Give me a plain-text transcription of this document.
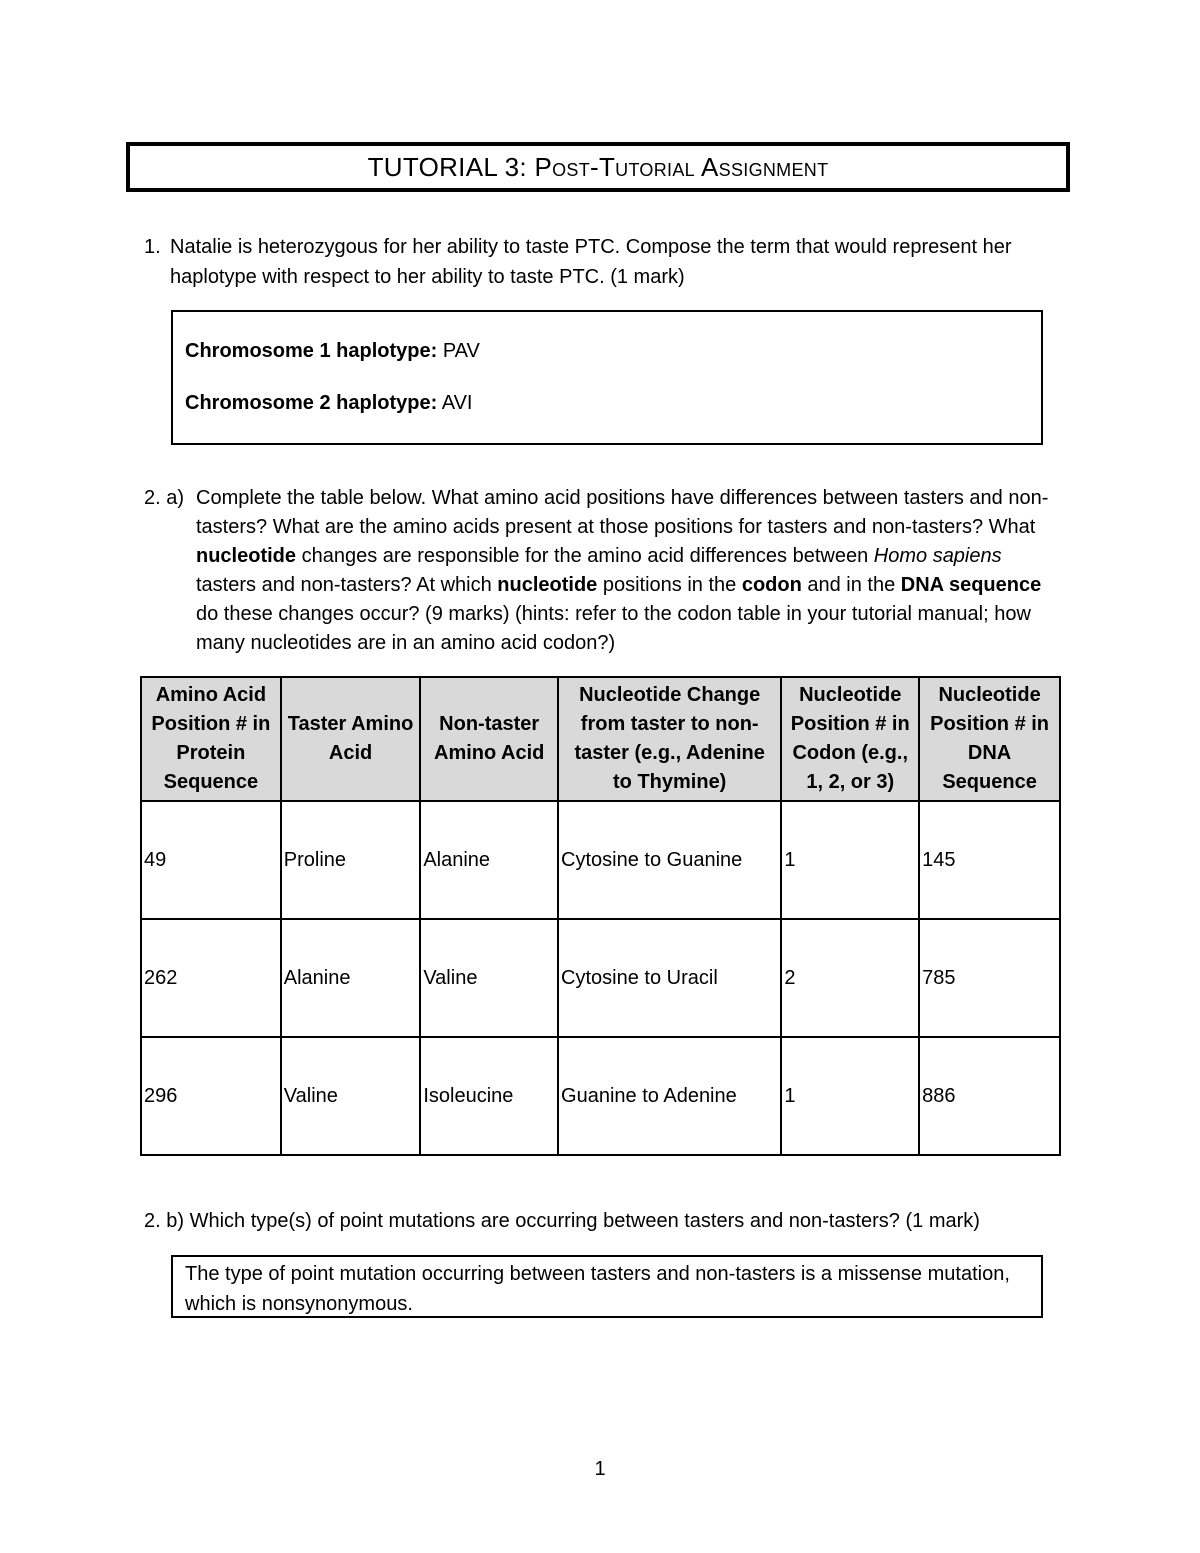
TUTORIAL 3:
Post-Tutorial Assignment
1. Natalie is heterozygous for her ability to taste PTC. Compose the term that would represent her haplotype with respect to her ability to taste PTC. (1 mark)
Chromosome 1 haplotype: PAV
Chromosome 2 haplotype: AVI
2. a) Complete the table below. What amino acid positions have differences between tasters and non-tasters? What are the amino acids present at those positions for tasters and non-tasters? What nucleotide changes are responsible for the amino acid differences between Homo sapiens tasters and non-tasters? At which nucleotide positions in the codon and in the DNA sequence do these changes occur? (9 marks) (hints: refer to the codon table in your tutorial manual; how many nucleotides are in an amino acid codon?)
Amino Acid Position # in Protein Sequence	Taster Amino Acid	Non-taster Amino Acid	Nucleotide Change from taster to non-taster (e.g., Adenine to Thymine)	Nucleotide Position # in Codon (e.g., 1, 2, or 3)	Nucleotide Position # in DNA Sequence
49	Proline	Alanine	Cytosine to Guanine	1	145
262	Alanine	Valine	Cytosine to Uracil	2	785
296	Valine	Isoleucine	Guanine to Adenine	1	886
2. b) Which type(s) of point mutations are occurring between tasters and non-tasters? (1 mark)
The type of point mutation occurring between tasters and non-tasters is a missense mutation, which is nonsynonymous.
1
